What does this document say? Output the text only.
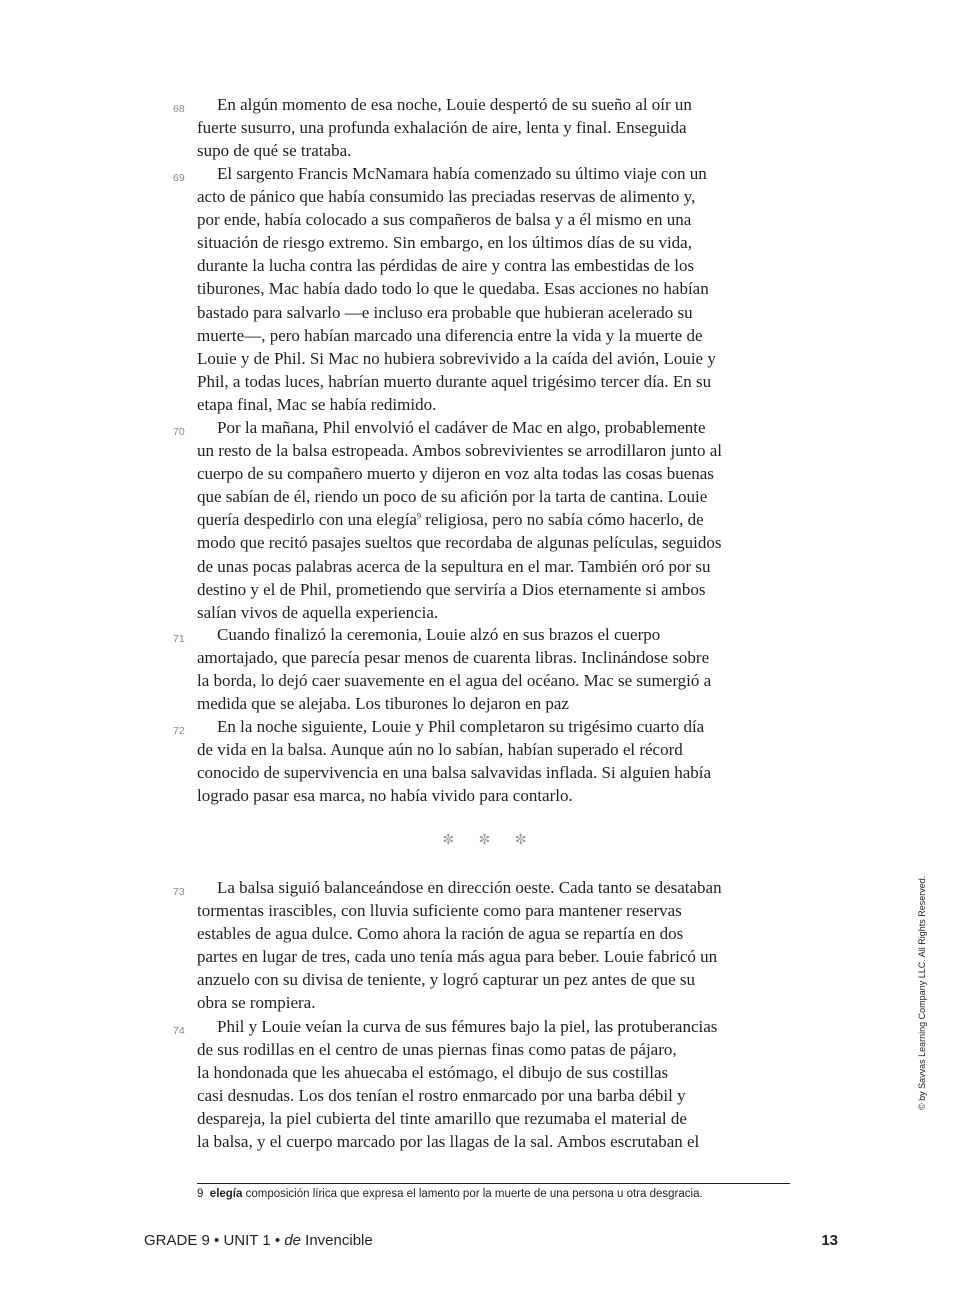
68	En algún momento de esa noche, Louie despertó de su sueño al oír un
fuerte susurro, una profunda exhalación de aire, lenta y final. Enseguida
supo de qué se trataba.
69	El sargento Francis McNamara había comenzado su último viaje con un
acto de pánico que había consumido las preciadas reservas de alimento y,
por ende, había colocado a sus compañeros de balsa y a él mismo en una
situación de riesgo extremo. Sin embargo, en los últimos días de su vida,
durante la lucha contra las pérdidas de aire y contra las embestidas de los
tiburones, Mac había dado todo lo que le quedaba. Esas acciones no habían
bastado para salvarlo —e incluso era probable que hubieran acelerado su
muerte—, pero habían marcado una diferencia entre la vida y la muerte de
Louie y de Phil. Si Mac no hubiera sobrevivido a la caída del avión, Louie y
Phil, a todas luces, habrían muerto durante aquel trigésimo tercer día. En su
etapa final, Mac se había redimido.
70	Por la mañana, Phil envolvió el cadáver de Mac en algo, probablemente
un resto de la balsa estropeada. Ambos sobrevivientes se arrodillaron junto al
cuerpo de su compañero muerto y dijeron en voz alta todas las cosas buenas
que sabían de él, riendo un poco de su afición por la tarta de cantina. Louie
quería despedirlo con una elegía$^9$ religiosa, pero no sabía cómo hacerlo, de
modo que recitó pasajes sueltos que recordaba de algunas películas, seguidos
de unas pocas palabras acerca de la sepultura en el mar. También oró por su
destino y el de Phil, prometiendo que serviría a Dios eternamente si ambos
salían vivos de aquella experiencia.
71	Cuando finalizó la ceremonia, Louie alzó en sus brazos el cuerpo
amortajado, que parecía pesar menos de cuarenta libras. Inclinándose sobre
la borda, lo dejó caer suavemente en el agua del océano. Mac se sumergió a
medida que se alejaba. Los tiburones lo dejaron en paz
72	En la noche siguiente, Louie y Phil completaron su trigésimo cuarto día
de vida en la balsa. Aunque aún no lo sabían, habían superado el récord
conocido de supervivencia en una balsa salvavidas inflada. Si alguien había
logrado pasar esa marca, no había vivido para contarlo.
✼ ✼ ✼
73	La balsa siguió balanceándose en dirección oeste. Cada tanto se desataban
tormentas irascibles, con lluvia suficiente como para mantener reservas
estables de agua dulce. Como ahora la ración de agua se repartía en dos
partes en lugar de tres, cada uno tenía más agua para beber. Louie fabricó un
anzuelo con su divisa de teniente, y logró capturar un pez antes de que su
obra se rompiera.
74	Phil y Louie veían la curva de sus fémures bajo la piel, las protuberancias
de sus rodillas en el centro de unas piernas finas como patas de pájaro,
la hondonada que les ahuecaba el estómago, el dibujo de sus costillas
casi desnudas. Los dos tenían el rostro enmarcado por una barba débil y
despareja, la piel cubierta del tinte amarillo que rezumaba el material de
la balsa, y el cuerpo marcado por las llagas de la sal. Ambos escrutaban el
9 elegía composición lírica que expresa el lamento por la muerte de una persona u otra desgracia.
GRADE 9 • UNIT 1 • de Invencible	13
© by Savvas Learning Company LLC. All Rights Reserved.
